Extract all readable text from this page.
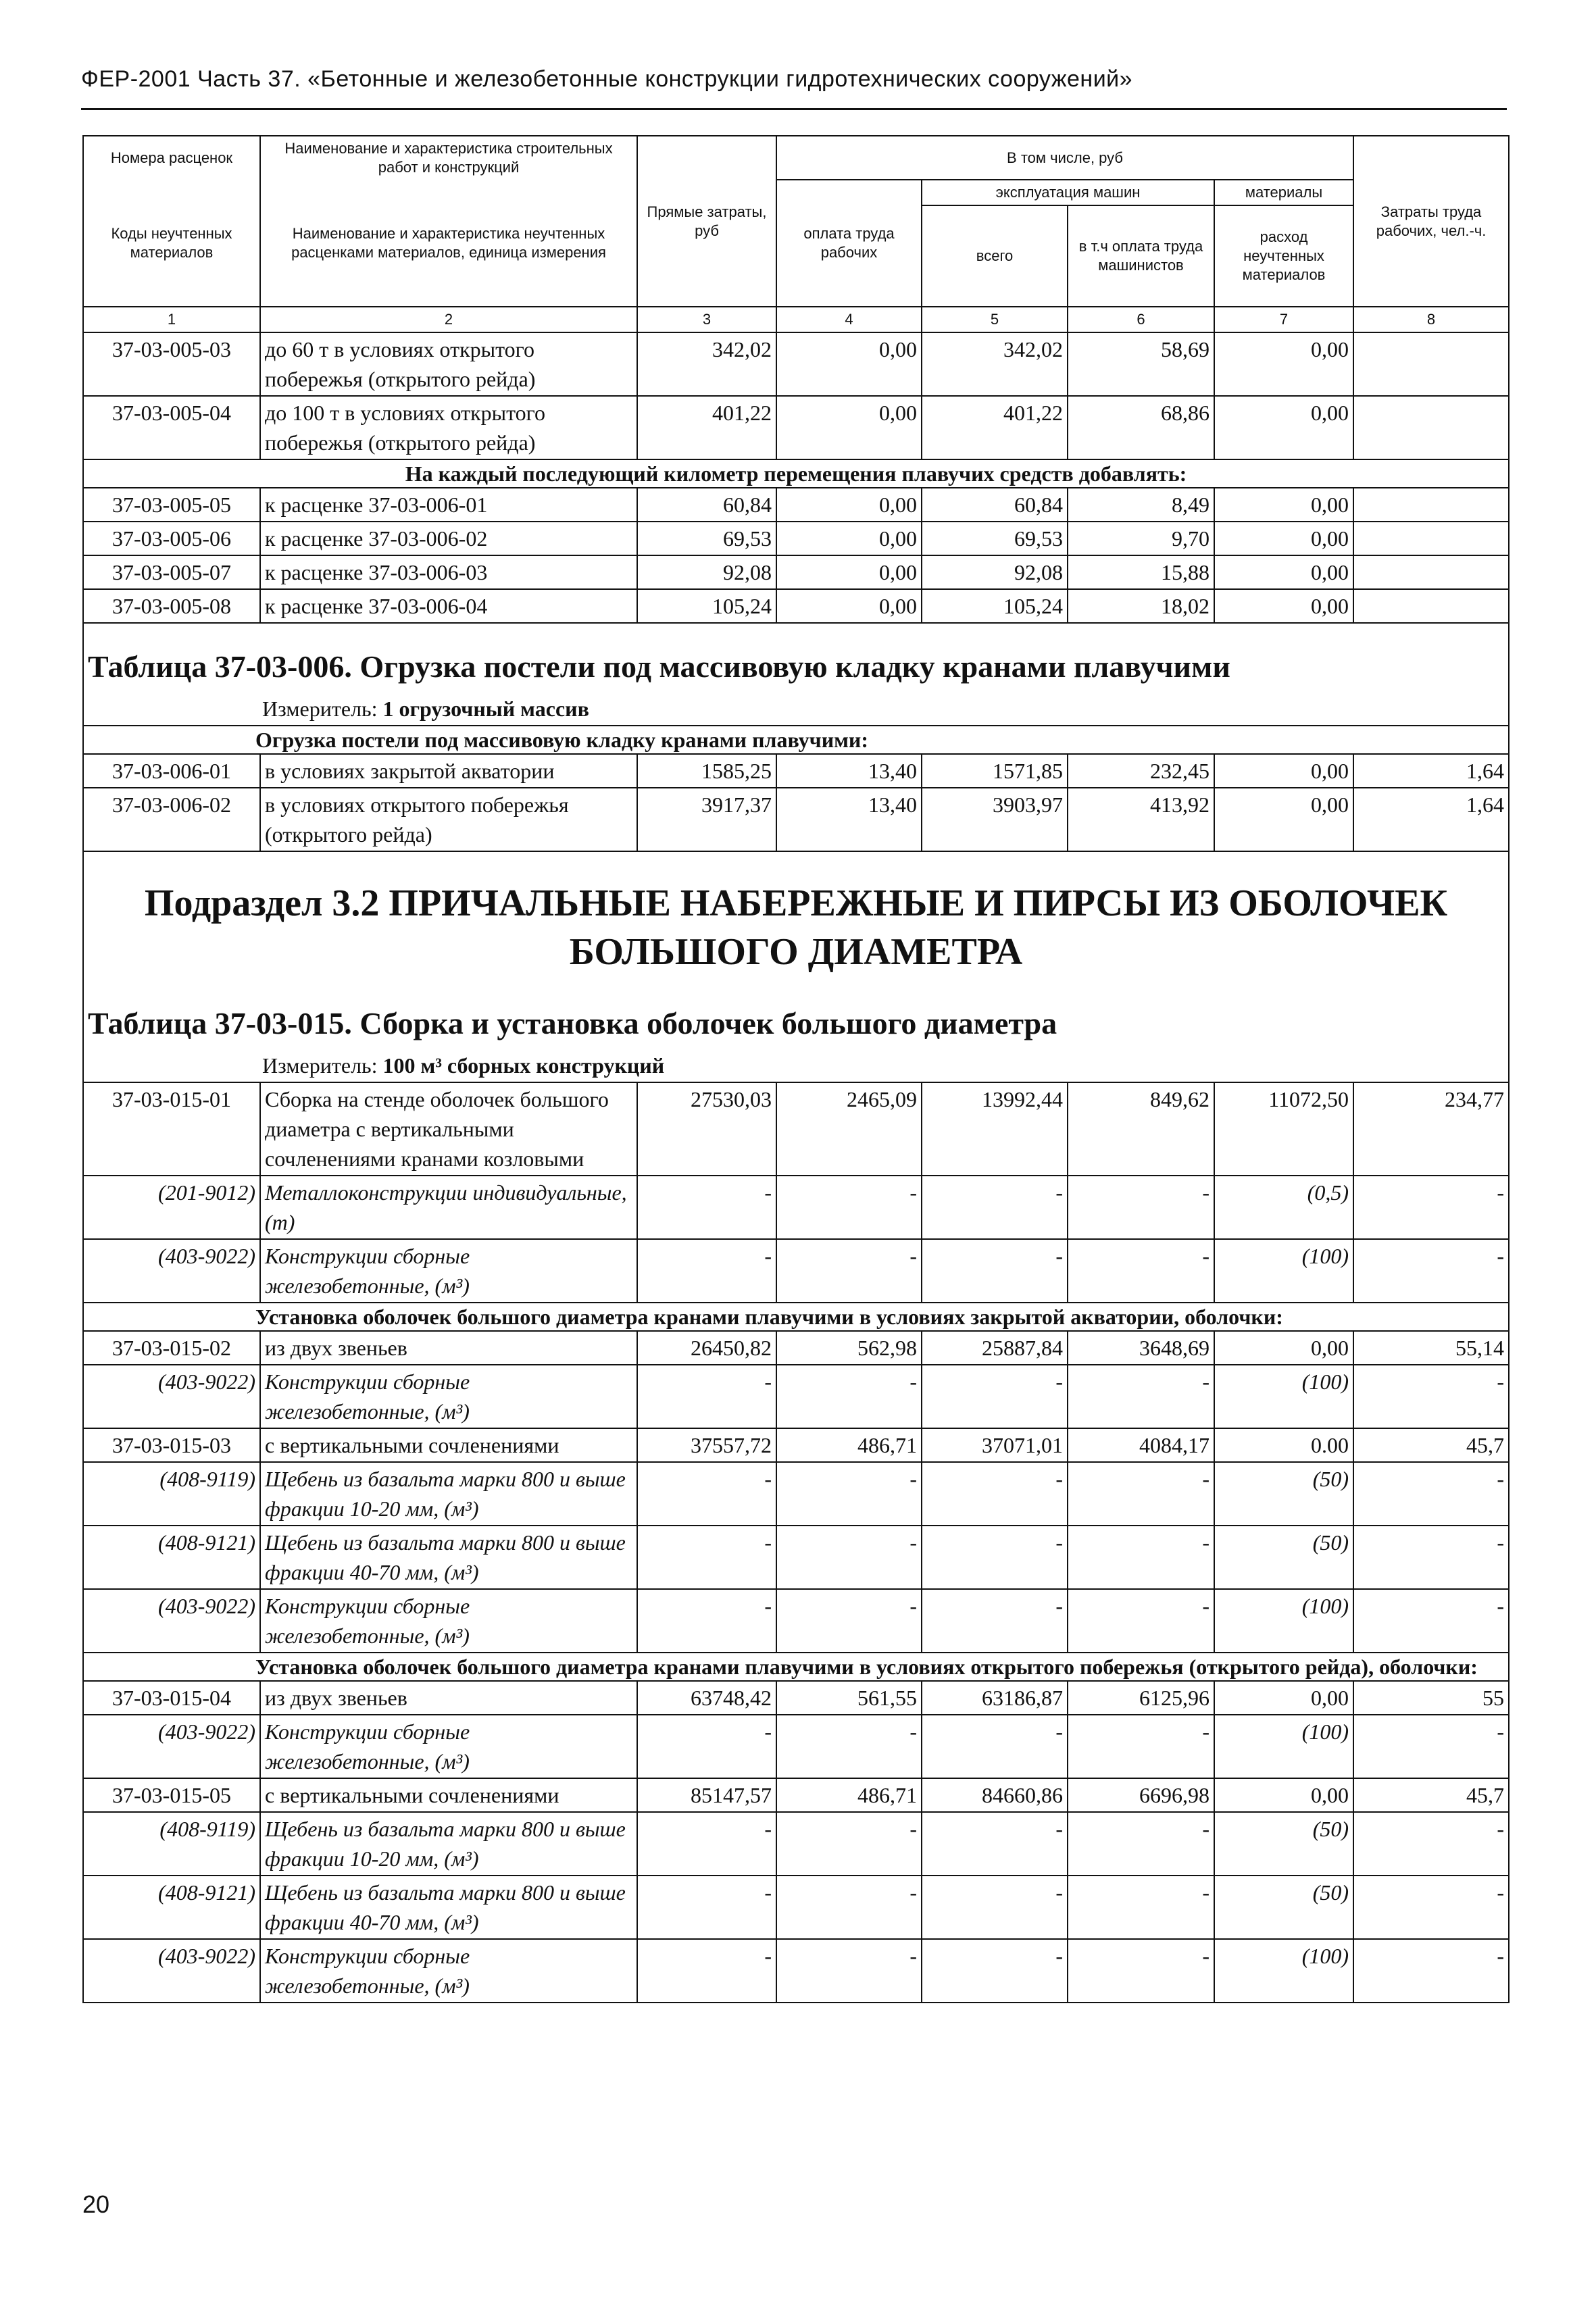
ФЕР-2001 Часть 37. «Бетонные и железобетонные конструкции гидротехнических сооружений»
Номера расценок	Наименование и характеристика строительных работ и конструкций	Прямые затраты, руб	В том числе, руб				Затраты труда рабочих, чел.-ч.
Коды неучтенных материалов	Наименование и характеристика неучтенных расценками материалов, единица измерения		оплата труда рабочих	эксплуатация машин		материалы	
				всего	в т.ч оплата труда машинистов	расход неучтенных материалов	
1	2	3	4	5	6	7	8
37-03-005-03	до 60 т в условиях открытого побережья (открытого рейда)	342,02	0,00	342,02	58,69	0,00	
37-03-005-04	до 100 т в условиях открытого побережья (открытого рейда)	401,22	0,00	401,22	68,86	0,00	
На каждый последующий километр перемещения плавучих средств добавлять:							
37-03-005-05	к расценке 37-03-006-01	60,84	0,00	60,84	8,49	0,00	
37-03-005-06	к расценке 37-03-006-02	69,53	0,00	69,53	9,70	0,00	
37-03-005-07	к расценке 37-03-006-03	92,08	0,00	92,08	15,88	0,00	
37-03-005-08	к расценке 37-03-006-04	105,24	0,00	105,24	18,02	0,00	
Таблица 37-03-006. Огрузка постели под массивовую кладку кранами плавучими							
Измеритель: 1 огрузочный массив							
Огрузка постели под массивовую кладку кранами плавучими:							
37-03-006-01	в условиях закрытой акватории	1585,25	13,40	1571,85	232,45	0,00	1,64
37-03-006-02	в условиях открытого побережья (открытого рейда)	3917,37	13,40	3903,97	413,92	0,00	1,64

Подраздел 3.2 ПРИЧАЛЬНЫЕ НАБЕРЕЖНЫЕ И ПИРСЫ ИЗ ОБОЛОЧЕК
БОЛЬШОГО ДИАМЕТРА							

Таблица 37-03-015. Сборка и установка оболочек большого диаметра							
Измеритель: 100 м³ сборных конструкций							
37-03-015-01	Сборка на стенде оболочек большого диаметра с вертикальными сочленениями кранами козловыми	27530,03	2465,09	13992,44	849,62	11072,50	234,77
(201-9012)	Металлоконструкции индивидуальные, (т)	-	-	-	-	(0,5)	-
(403-9022)	Конструкции сборные железобетонные, (м³)	-	-	-	-	(100)	-
Установка оболочек большого диаметра кранами плавучими в условиях закрытой акватории, оболочки:							
37-03-015-02	из двух звеньев	26450,82	562,98	25887,84	3648,69	0,00	55,14
(403-9022)	Конструкции сборные железобетонные, (м³)	-	-	-	-	(100)	-
37-03-015-03	с вертикальными сочленениями	37557,72	486,71	37071,01	4084,17	0.00	45,7
(408-9119)	Щебень из базальта марки 800 и выше фракции 10-20 мм, (м³)	-	-	-	-	(50)	-
(408-9121)	Щебень из базальта марки 800 и выше фракции 40-70 мм, (м³)	-	-	-	-	(50)	-
(403-9022)	Конструкции сборные железобетонные, (м³)	-	-	-	-	(100)	-
Установка оболочек большого диаметра кранами плавучими в условиях открытого побережья (открытого рейда), оболочки:							
37-03-015-04	из двух звеньев	63748,42	561,55	63186,87	6125,96	0,00	55
(403-9022)	Конструкции сборные железобетонные, (м³)	-	-	-	-	(100)	-
37-03-015-05	с вертикальными сочленениями	85147,57	486,71	84660,86	6696,98	0,00	45,7
(408-9119)	Щебень из базальта марки 800 и выше фракции 10-20 мм, (м³)	-	-	-	-	(50)	-
(408-9121)	Щебень из базальта марки 800 и выше фракции 40-70 мм, (м³)	-	-	-	-	(50)	-
(403-9022)	Конструкции сборные железобетонные, (м³)	-	-	-	-	(100)	-
20
